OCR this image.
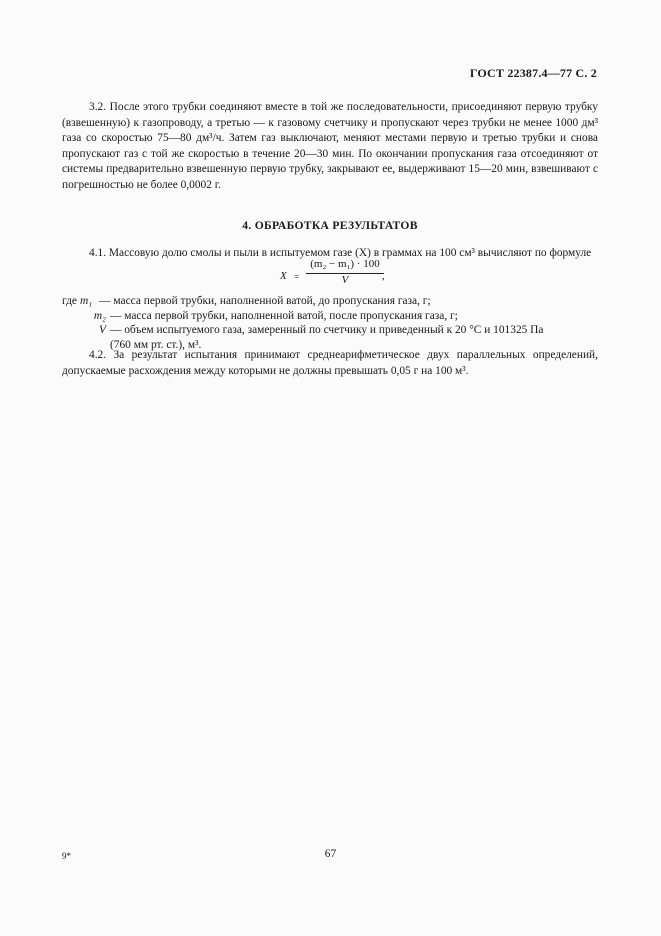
ГОСТ 22387.4—77 С. 2

3.2. После этого трубки соединяют вместе в той же последовательности, присоединяют первую трубку (взвешенную) к газопроводу, а третью — к газовому счетчику и пропускают через трубки не менее 1000 дм³ газа со скоростью 75—80 дм³/ч. Затем газ выключают, меняют местами первую и третью трубки и снова пропускают газ с той же скоростью в течение 20—30 мин. По окончании пропускания газа отсоединяют от системы предварительно взвешенную первую трубку, закрывают ее, выдерживают 15—20 мин, взвешивают с погрешностью не более 0,0002 г.

4. ОБРАБОТКА РЕЗУЛЬТАТОВ

4.1. Массовую долю смолы и пыли в испытуемом газе (X) в граммах на 100 см³ вычисляют по формуле

X =
(m₂ − m₁) · 100
V	,
где m₁ — масса первой трубки, наполненной ватой, до пропускания газа, г;
m₂ — масса первой трубки, наполненной ватой, после пропускания газа, г;
V — объем испытуемого газа, замеренный по счетчику и приведенный к 20 °С и 101325 Па
(760 мм рт. ст.), м³.

4.2. За результат испытания принимают среднеарифметическое двух параллельных определений, допускаемые расхождения между которыми не должны превышать 0,05 г на 100 м³.

9*	67
